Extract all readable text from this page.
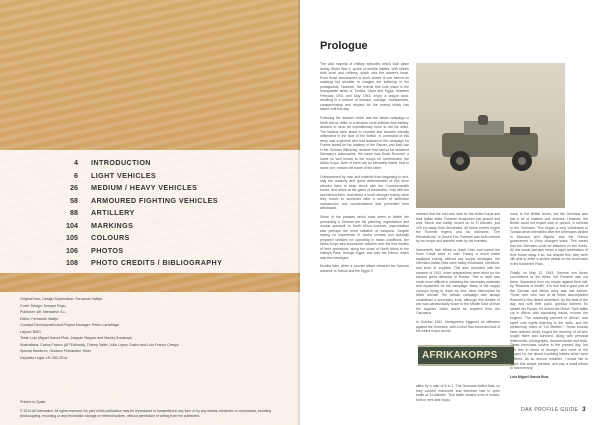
4 INTRODUCTION
6 LIGHT VEHICLES
26 MEDIUM / HEAVY VEHICLES
58 ARMOURED FIGHTING VEHICLES
88 ARTILLERY
104 MARKINGS
105 COLOURS
106 PHOTOS
108 PHOTO CREDITS / BIBLIOGRAPHY
Original Idea, Design Supervision: Fernando Vallejo
Cover Design: Enrique Royo
Publisher: AK Interactive S.L.
Editor: Fernando Vallejo
Concept Development and Project Manager: Pedro Larrañaga
Layout: BMG
Texts: Luis Miguel García Ruiz, Joaquin Skipper and Maciej Goralczyk
Illustrations: Carlos Franco (AP Editorial), Thierry Vallet, Julio López Castro and Luis Franco Crespo
Special thanks to: Gustavo Fernandez, Kikei
Depósito Legal: LR-282-2014
Printed in Spain
© 2014 AK Interactive. All rights reserved. No part of this publication may be reproduced or transmitted in any form or by any means, electronic or mechanical, including photocopying, recording or any information storage or retrieval system, without permission in writing from the publishers.
Prologue

The vast majority of military episodes which took place during World War II, spoke of terrible battles, with stories both cruel and ruthless, which stirs the reader's heart. Even those accustomed to such stories of war cannot do anything but shudder to imagine the suffering of the protagonists. However, the events that took place in the inhospitable lands of Tunisia, Libya and Egypt, between February 1941 and May 1943, enjoy a unique aura, resulting in a mixture of heroism, courage, recklessness, companionship and respect for the enemy which has lasted until this day.

Following the disaster which was the Italian campaign in North Africa, Hitler, in a decision more political than military, decided to send an expeditionary force to aid his allies. The Italians were about to crumble and became virtually obliterated in the face of the British. In command of this army, was a general who had featured in the campaign for France famed for his mastery of the Panzer, and their use in the German 'Blitzkrieg' doctrine that had so far smashed Germany's adversaries. His name was Erwin Rommel, a name so well known to the troops he commanded, the Afrika Korps. Both of them are so intimately linked, that to name one, evokes the name of the other.

Outnumbered by man and materiel from beginning to end, only the audacity and great determination of this force allowed them to keep check with the Commonwealth forces, and arrive at the gates of Alexandria. Only with the sea behind them, and before a much stronger enemy, were they forced to surrender after a series of defensive manoeuvres and counterattacks that prevented their withdrawal.

Some of the phrases which most seem to define the personality a German are his planning, organization and modus operandi. In North Africa however, improvisation was perhaps the most valuable of weapons. Despite having no experience in desert combat and specially prepared vehicles for operating in harsh conditions, the Afrika Korps saw successive victories over the first months of their operations, along the coast of North Africa to the Halfaya Pass, through Egypt, and onto the Tobruk, which was then besieged.

Months later, when a counter attack released the German advance to Tobruk and the Egypt, it

seemed that the end was near for the Afrika Korps and their Italian allies. Rommel recaptured lost ground and took Tobruk and swiftly moved on to El Alamein, just 100 km away from Alexandria. All these events forged the Rommel legend, and his nickname, "Der Wüstenfuchs" or Desert Fox. Rommel was both revered by his troops and admired even by his enemies.

Henceforth, their efforts to reach Cairo and control the Suez Canal were in vain. Facing a much better equipped enemy, without any supply shortages, the Germano-Italian lines were totally exhausted, stretched, and short of supplies. This also coincided with the summer of 1942, when preparations were afoot for the second great offensive in Russia. This in itself was much more difficult in obtaining the necessary materials and equipment for the campaign. Many of the supply convoys trying to reach by sea, were intercepted by Allied aircraft. The African campaign was always considered a secondary front, although this theatre of war was paradoxically closer to the Middle East oil than the supplies which would be required from the Caucasus.

In October 1942, Montgomery triggered an offensive against the Germans, with a force that exceeded that of the Afrika Korps and its

AFRIKAKORPS

allies by a ratio of 6 to 1. The Germans bolted fluid, so they couldn't maneuver and therefore had to open battle at El-Alamein. This battle caused a lot of losses, both in men and equip-

ment, to the British forces, but the Germans also lost a lot of soldiers and vehicles. However, the British could not exploit such in pursuit, in contrast to the Germans. This began a long withdrawal to Tunisia which intensified after the Americans landed in Morocco and Algeria, and the French government in Vichy changed sides. This meant that the Germans could be attacked on two fronts. All this would perhaps mean a rapid annihilation of Axis forces away if so, but despite this, they were still able to inflict a severe defeat on the Americans in the Kasserine Pass.

Finally, on May 12, 1943, General von Arnim surrendered to the Allies, but Rommel was not there. Separated from his troops against their will, by "Reasons of health", it is true that a good part of the German and Italian army was lost forever. Those men who had at all times accompanied Rommel in this desert adventure, by the heat of the day, and with their joyful, glorious anthem: Es rasselt der Panzer, Es dröhnt der Motor! Their battle cry in Africa: with squeaking tracks, echoes the engines. The advancing panzers in Africa!, now spent cold nights listening to the radio, and the melancholy notes of "Lili Marleen". Those sounds have outlived doubt, forged the memory of all who fought there and survived, along with personal testimonies, photographs, documentaries and texts. These memories survive to the present day, but with few in terms of triumph, and more in the respect for the desert humbling battles which were suffered. As an armour modeller, I would like to follow this simple premise, and pay a small tribute to that memory.

Luis Miguel García Ruiz.

DAK PROFILE GUIDE 3
